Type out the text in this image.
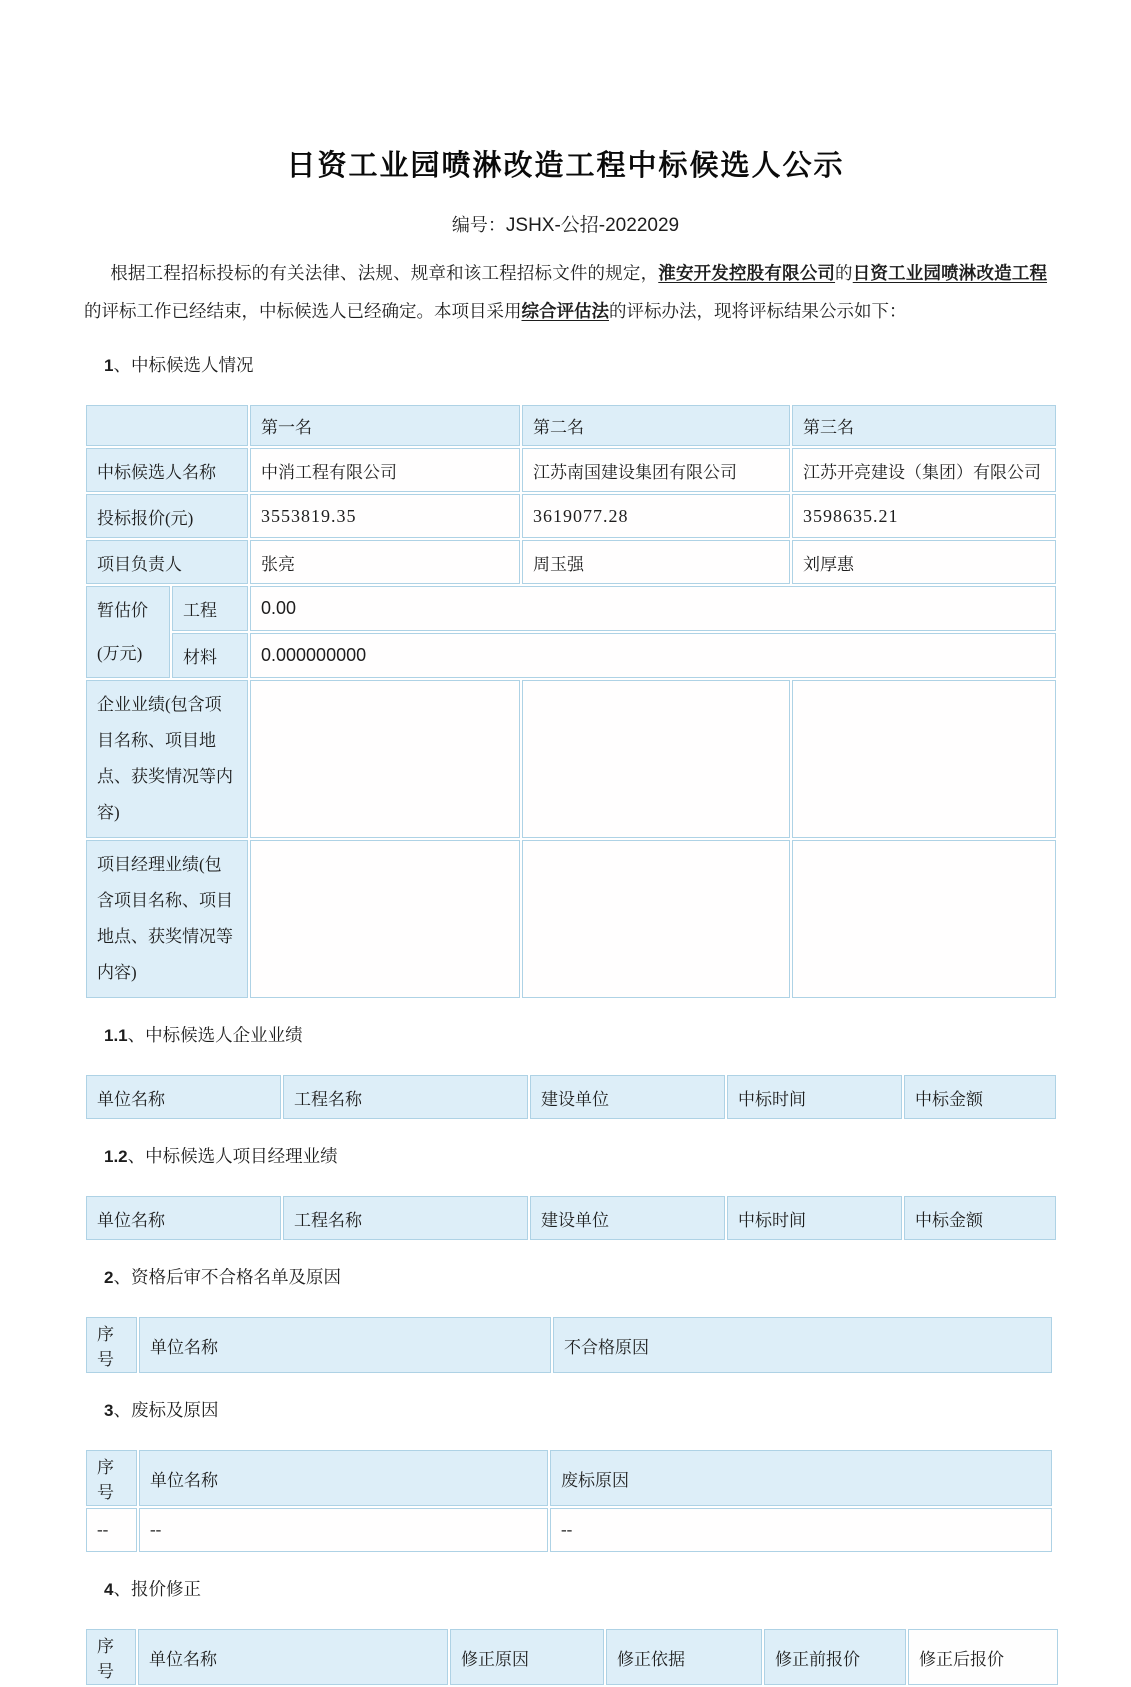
日资工业园喷淋改造工程中标候选人公示
编号：JSHX-公招-2022029

根据工程招标投标的有关法律、法规、规章和该工程招标文件的规定，淮安开发控股有限公司的日资工业园喷淋改造工程的评标工作已经结束，中标候选人已经确定。本项目采用综合评估法的评标办法，现将评标结果公示如下：

1、中标候选人情况
		第一名	第二名	第三名
中标候选人名称		中消工程有限公司	江苏南国建设集团有限公司	江苏开亮建设（集团）有限公司
投标报价(元)		3553819.35	3619077.28	3598635.21
项目负责人		张亮	周玉强	刘厚惠

暂估价
(万元)	工程	0.00		
	材料	0.000000000		
企业业绩(包含项目名称、项目地点、获奖情况等内容)				
项目经理业绩(包含项目名称、项目地点、获奖情况等内容)				
1.1、中标候选人企业业绩
单位名称	工程名称	建设单位	中标时间	中标金额
1.2、中标候选人项目经理业绩
单位名称	工程名称	建设单位	中标时间	中标金额
2、资格后审不合格名单及原因
序号	单位名称	不合格原因
3、废标及原因
序号	单位名称	废标原因
--	--	--
4、报价修正
序号	单位名称	修正原因	修正依据	修正前报价	修正后报价
